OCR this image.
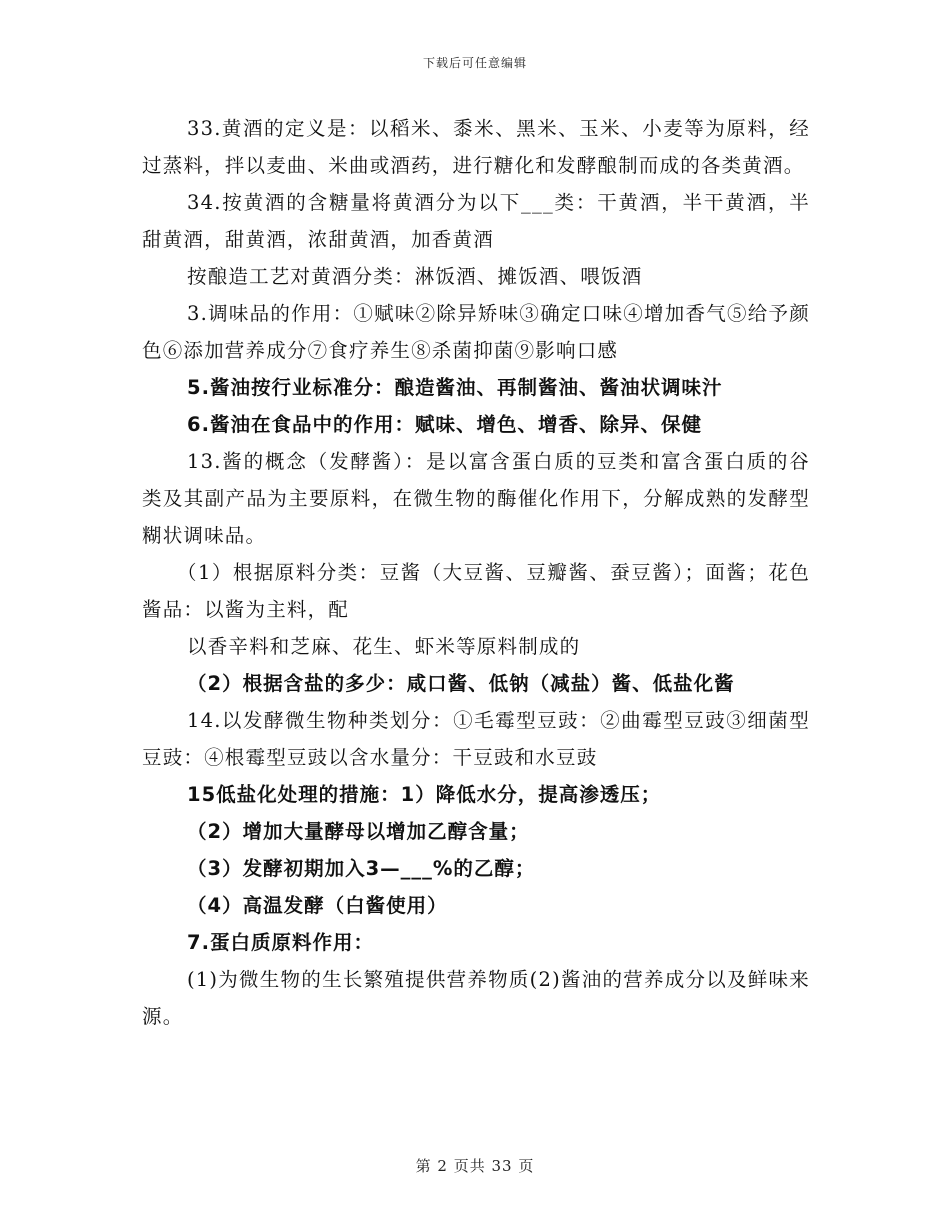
下载后可任意编辑

33.黄酒的定义是：以稻米、黍米、黑米、玉米、小麦等为原料，经过蒸料，拌以麦曲、米曲或酒药，进行糖化和发酵酿制而成的各类黄酒。

34.按黄酒的含糖量将黄酒分为以下___类：干黄酒，半干黄酒，半甜黄酒，甜黄酒，浓甜黄酒，加香黄酒

按酿造工艺对黄酒分类：淋饭酒、摊饭酒、喂饭酒

3.调味品的作用：①赋味②除异矫味③确定口味④增加香气⑤给予颜色⑥添加营养成分⑦食疗养生⑧杀菌抑菌⑨影响口感

5.酱油按行业标准分：酿造酱油、再制酱油、酱油状调味汁

6.酱油在食品中的作用：赋味、增色、增香、除异、保健

13.酱的概念（发酵酱）：是以富含蛋白质的豆类和富含蛋白质的谷类及其副产品为主要原料，在微生物的酶催化作用下，分解成熟的发酵型糊状调味品。

（1）根据原料分类：豆酱（大豆酱、豆瓣酱、蚕豆酱）；面酱；花色酱品：以酱为主料，配

以香辛料和芝麻、花生、虾米等原料制成的

（2）根据含盐的多少：咸口酱、低钠（减盐）酱、低盐化酱

14.以发酵微生物种类划分：①毛霉型豆豉：②曲霉型豆豉③细菌型豆豉：④根霉型豆豉以含水量分：干豆豉和水豆豉

15低盐化处理的措施：1）降低水分，提高渗透压；

（2）增加大量酵母以增加乙醇含量；

（3）发酵初期加入3—___%的乙醇；

（4）高温发酵（白酱使用）

7.蛋白质原料作用：

(1)为微生物的生长繁殖提供营养物质(2)酱油的营养成分以及鲜味来源。

第 2 页共 33 页
